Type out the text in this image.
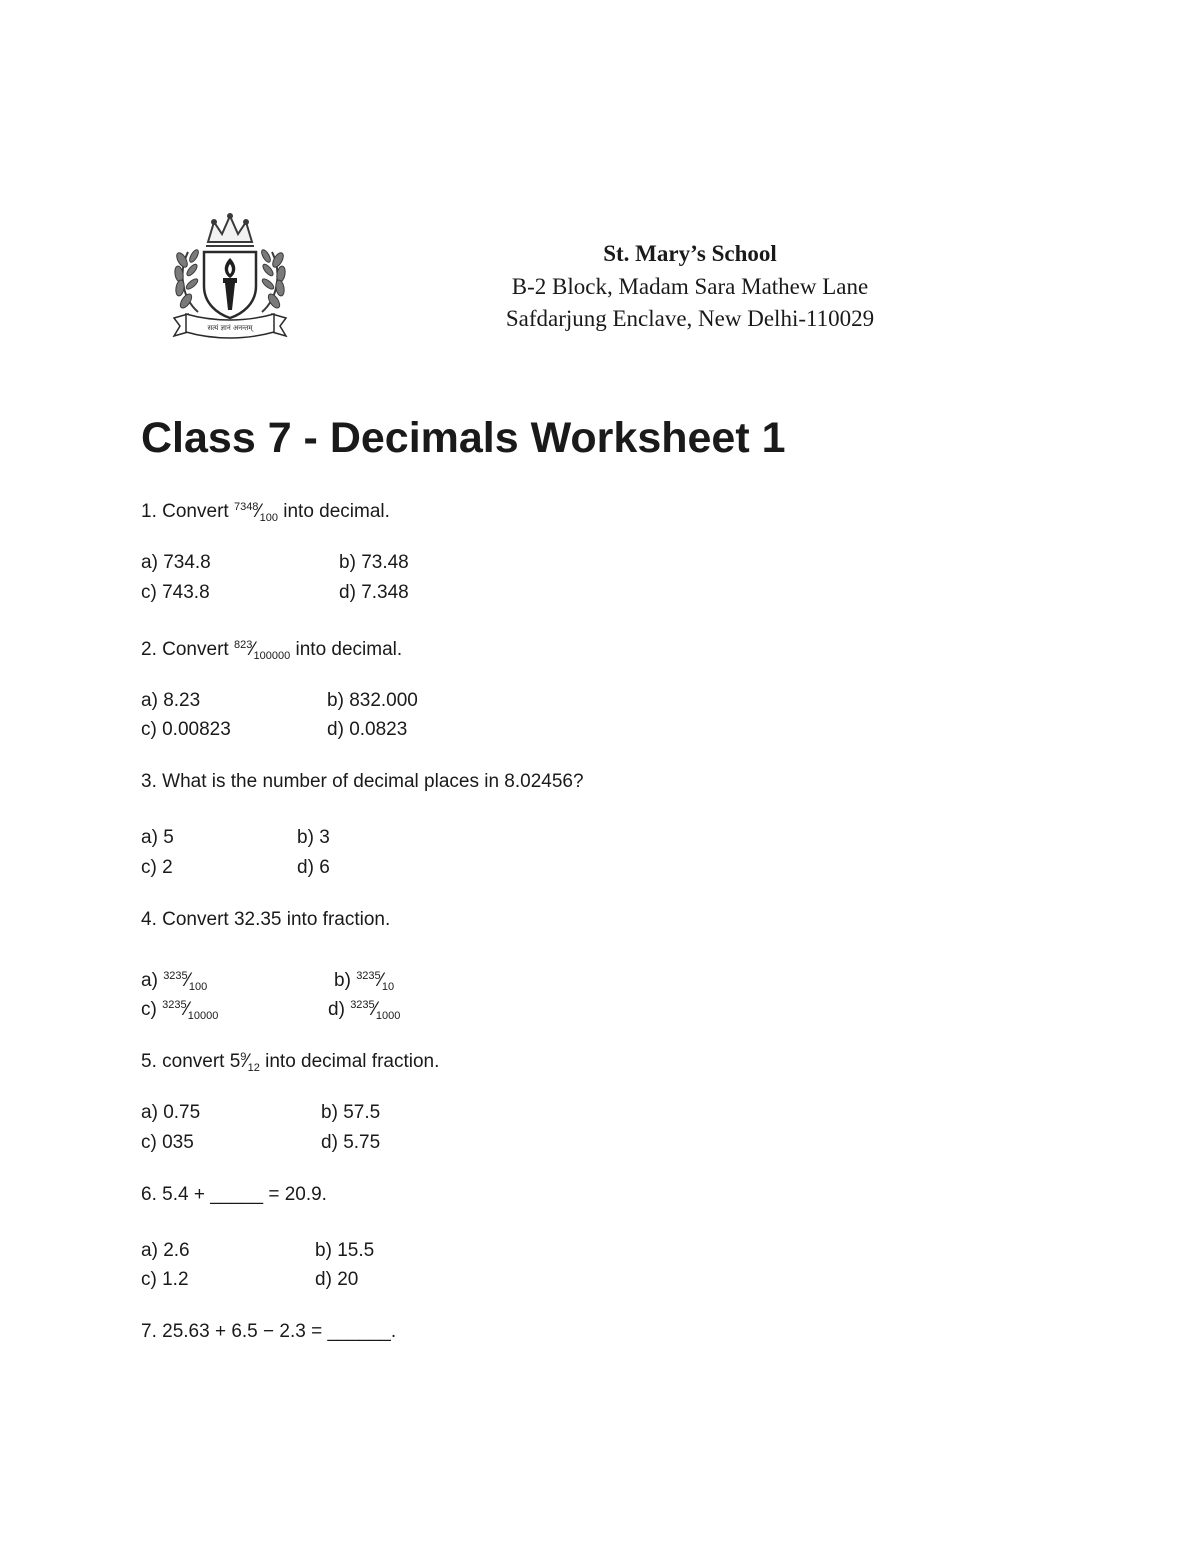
सत्यं ज्ञानं अनन्तम्
St. Mary’s School
B-2 Block, Madam Sara Mathew Lane
Safdarjung Enclave, New Delhi-110029
Class 7 - Decimals Worksheet 1
1. Convert $^{7348}⁄_{100}$ into decimal.
a) 734.8	b) 73.48
c) 743.8	d) 7.348
2. Convert $^{823}⁄_{100000}$ into decimal.
a) 8.23	b) 832.000
c) 0.00823	d) 0.0823
3. What is the number of decimal places in 8.02456?
a) 5	b) 3
c) 2	d) 6
4. Convert 32.35 into fraction.
a) $^{3235}⁄_{100}$	b) $^{3235}⁄_{10}$
c) $^{3235}⁄_{10000}$	d) $^{3235}⁄_{1000}$
5. convert $5^9⁄_{12}$ into decimal fraction.
a) 0.75	b) 57.5
c) 035	d) 5.75
6. 5.4 + _____ = 20.9.
a) 2.6	b) 15.5
c) 1.2	d) 20
7. 25.63 + 6.5 − 2.3 = ______.
